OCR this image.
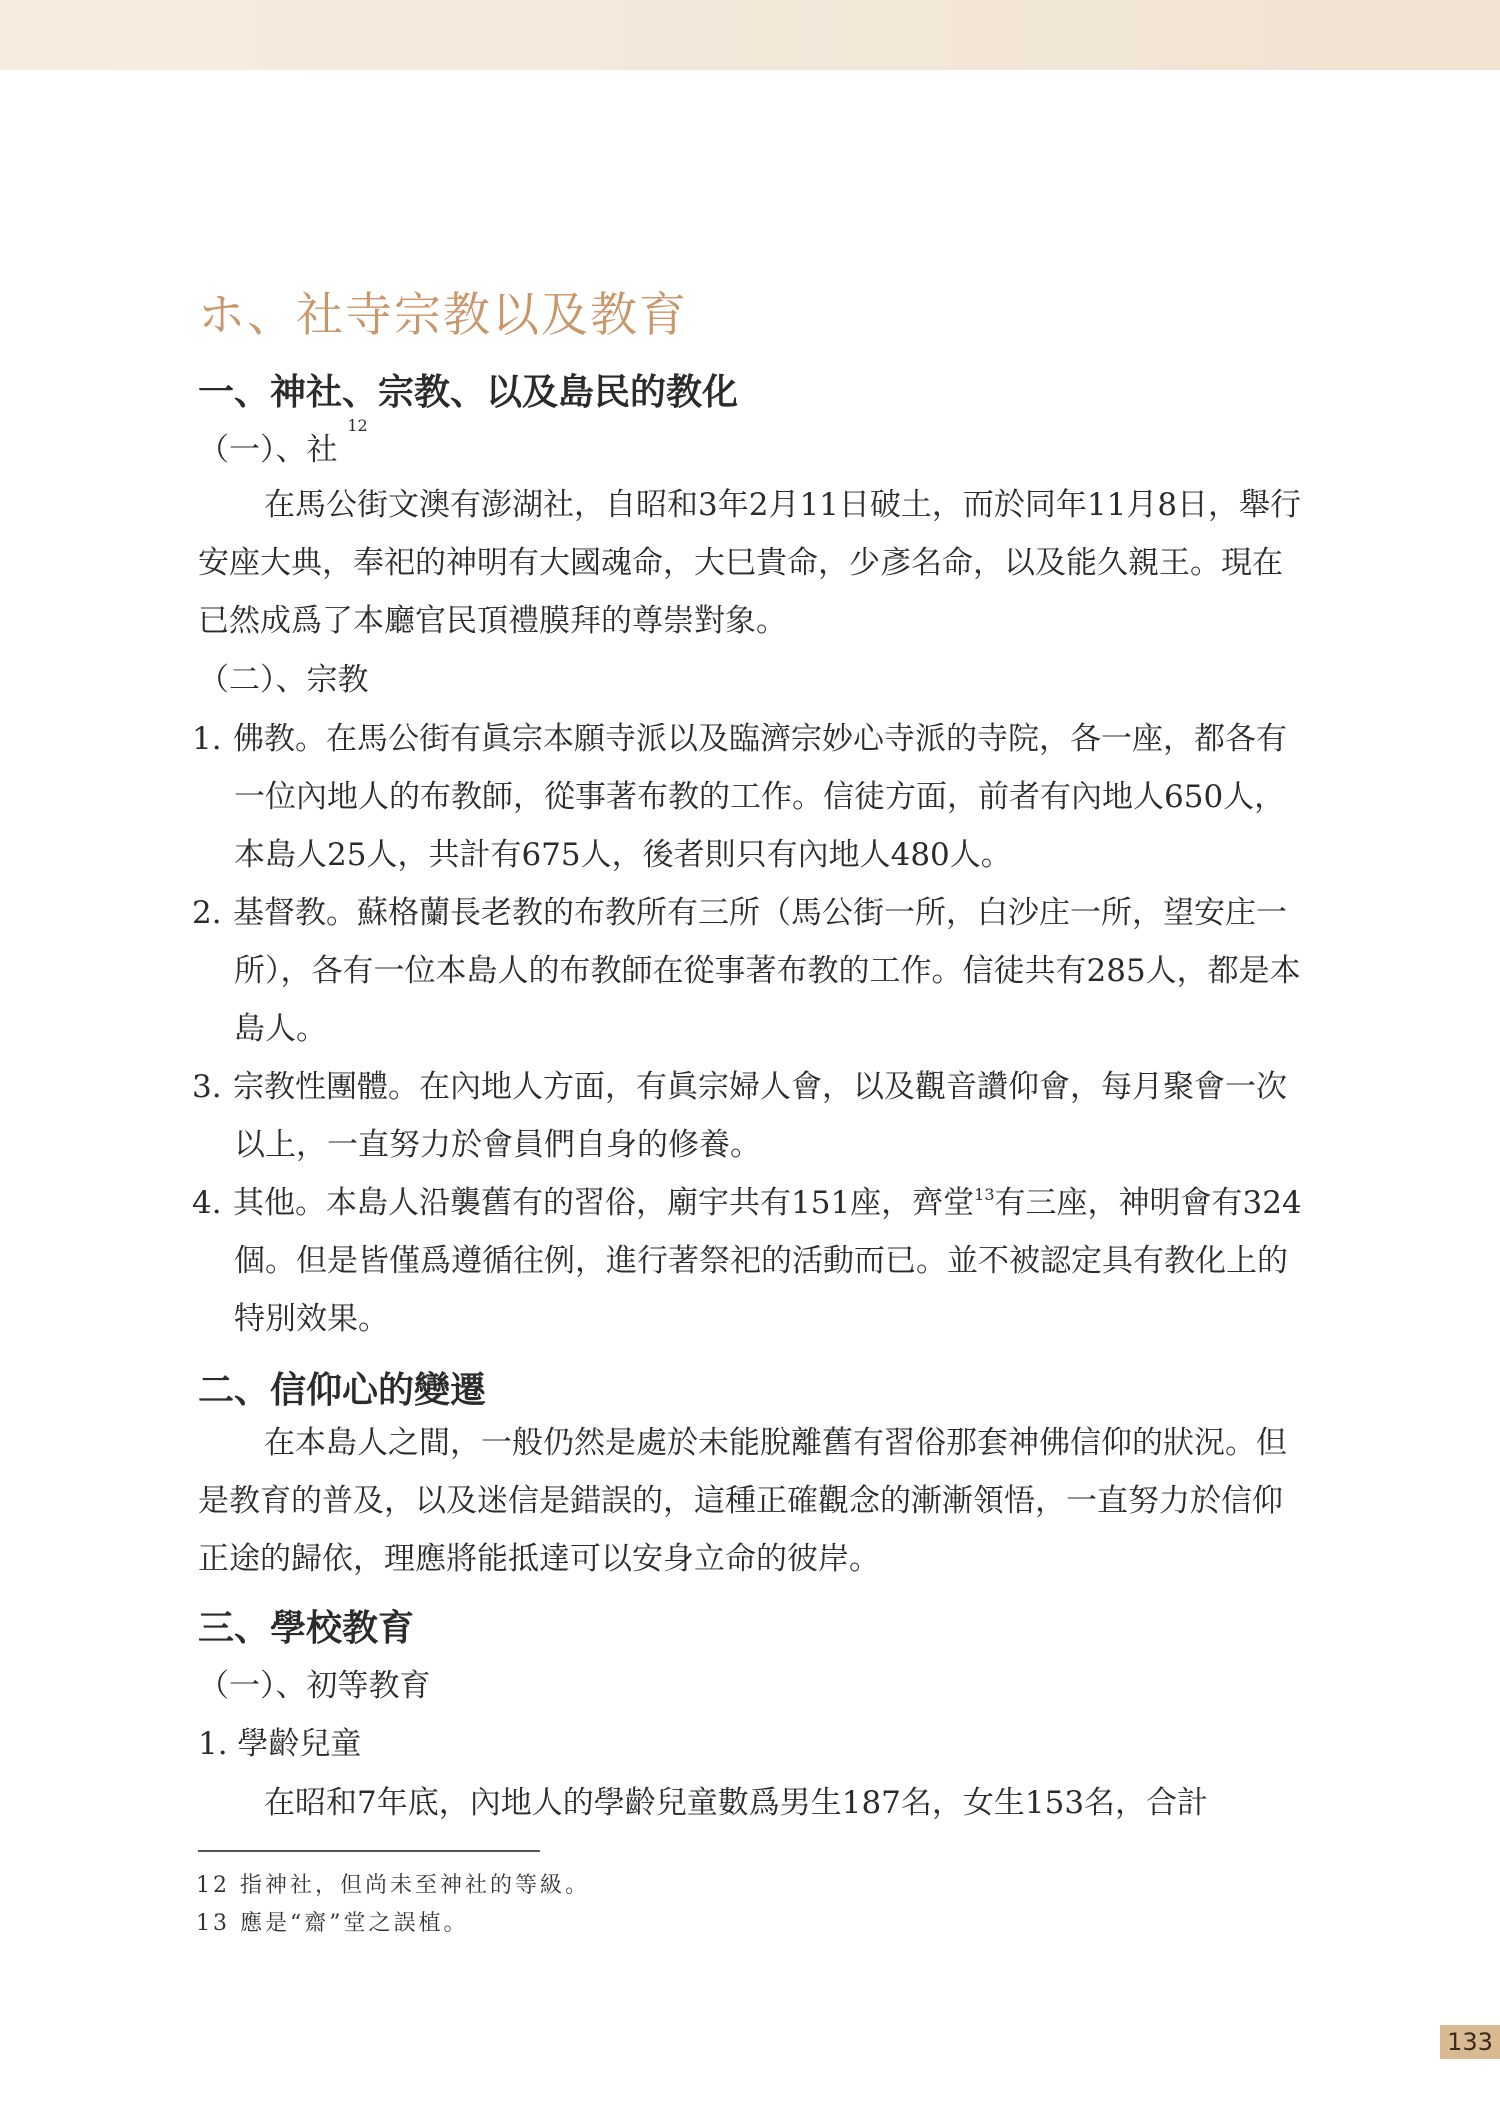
ホ、社寺宗教以及教育
一、神社、宗教、以及島民的教化
（一）、社 $^{12}$
在馬公街文澳有澎湖社，自昭和3年2月11日破土，而於同年11月8日，舉行安座大典，奉祀的神明有大國魂命，大巳貴命，少彥名命，以及能久親王。現在已然成爲了本廳官民頂禮膜拜的尊崇對象。
（二）、宗教
1. 佛教。在馬公街有眞宗本願寺派以及臨濟宗妙心寺派的寺院，各一座，都各有一位內地人的布教師，從事著布教的工作。信徒方面，前者有內地人650人，本島人25人，共計有675人，後者則只有內地人480人。
2. 基督教。蘇格蘭長老教的布教所有三所（馬公街一所，白沙庄一所，望安庄一所），各有一位本島人的布教師在從事著布教的工作。信徒共有285人，都是本島人。
3. 宗教性團體。在內地人方面，有眞宗婦人會，以及觀音讚仰會，每月聚會一次以上，一直努力於會員們自身的修養。
4. 其他。本島人沿襲舊有的習俗，廟宇共有151座，齊堂$^{13}$有三座，神明會有324個。但是皆僅爲遵循往例，進行著祭祀的活動而已。並不被認定具有教化上的特別效果。
二、信仰心的變遷
在本島人之間，一般仍然是處於未能脫離舊有習俗那套神佛信仰的狀況。但是教育的普及，以及迷信是錯誤的，這種正確觀念的漸漸領悟，一直努力於信仰正途的歸依，理應將能抵達可以安身立命的彼岸。
三、學校教育
（一）、初等教育
1. 學齡兒童
在昭和7年底，內地人的學齡兒童數爲男生187名，女生153名，合計
12 指神社，但尚未至神社的等級。
13 應是“齋”堂之誤植。
133
